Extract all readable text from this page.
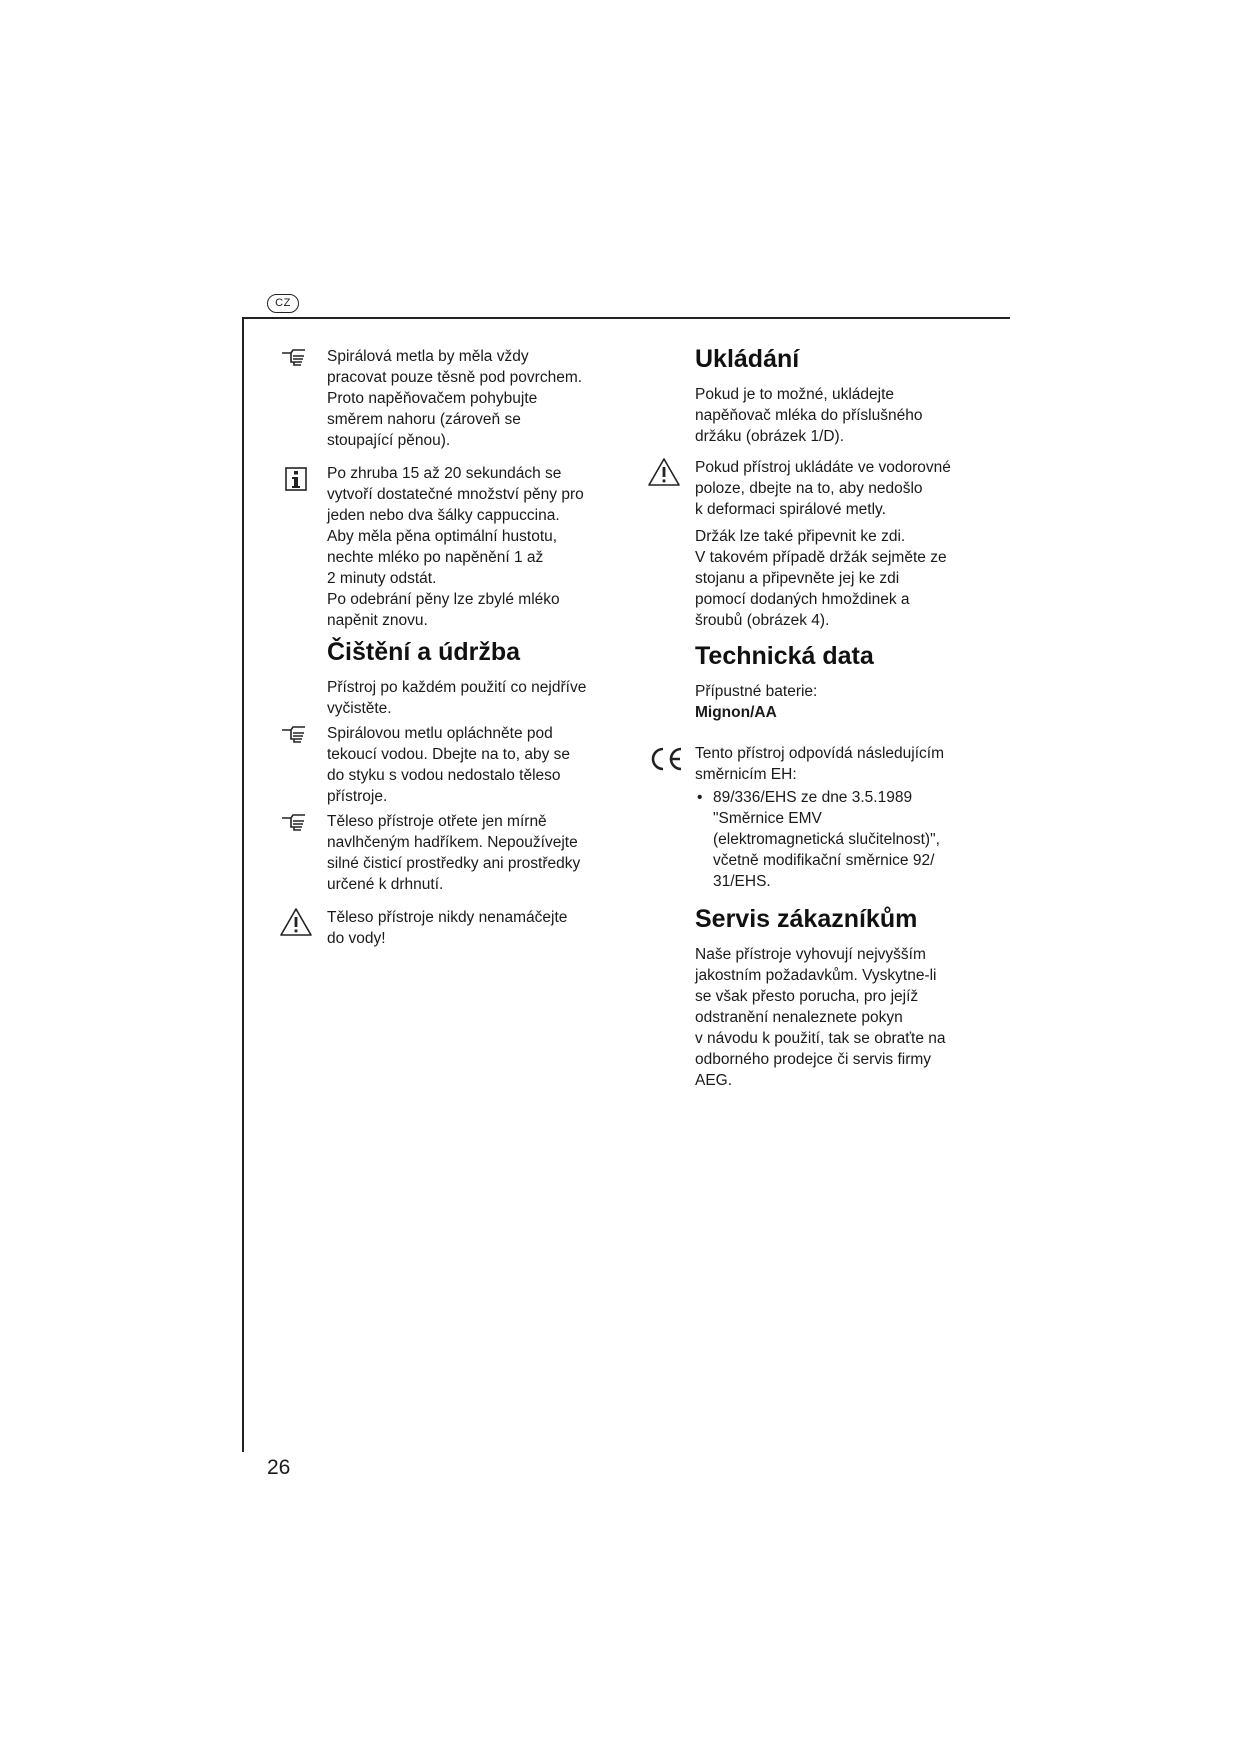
CZ
Spirálová metla by měla vždy
pracovat pouze těsně pod povrchem.
Proto napěňovačem pohybujte
směrem nahoru (zároveň se
stoupající pěnou).
Po zhruba 15 až 20 sekundách se
vytvoří dostatečné množství pěny pro
jeden nebo dva šálky cappuccina.
Aby měla pěna optimální hustotu,
nechte mléko po napěnění 1 až
2 minuty odstát.
Po odebrání pěny lze zbylé mléko
napěnit znovu.
Čištění a údržba
Přístroj po každém použití co nejdříve
vyčistěte.
Spirálovou metlu opláchněte pod
tekoucí vodou. Dbejte na to, aby se
do styku s vodou nedostalo těleso
přístroje.
Těleso přístroje otřete jen mírně
navlhčeným hadříkem. Nepoužívejte
silné čisticí prostředky ani prostředky
určené k drhnutí.
Těleso přístroje nikdy nenamáčejte
do vody!
Ukládání
Pokud je to možné, ukládejte
napěňovač mléka do příslušného
držáku (obrázek 1/D).
Pokud přístroj ukládáte ve vodorovné
poloze, dbejte na to, aby nedošlo
k deformaci spirálové metly.
Držák lze také připevnit ke zdi.
V takovém případě držák sejměte ze
stojanu a připevněte jej ke zdi
pomocí dodaných hmoždinek a
šroubů (obrázek 4).
Technická data
Přípustné baterie:
Mignon/AA
Tento přístroj odpovídá následujícím
směrnicím EH:
• 89/336/EHS ze dne 3.5.1989
"Směrnice EMV
(elektromagnetická slučitelnost)",
včetně modifikační směrnice 92/
31/EHS.
Servis zákazníkům
Naše přístroje vyhovují nejvyšším
jakostním požadavkům. Vyskytne-li
se však přesto porucha, pro jejíž
odstranění nenaleznete pokyn
v návodu k použití, tak se obraťte na
odborného prodejce či servis firmy
AEG.
26
